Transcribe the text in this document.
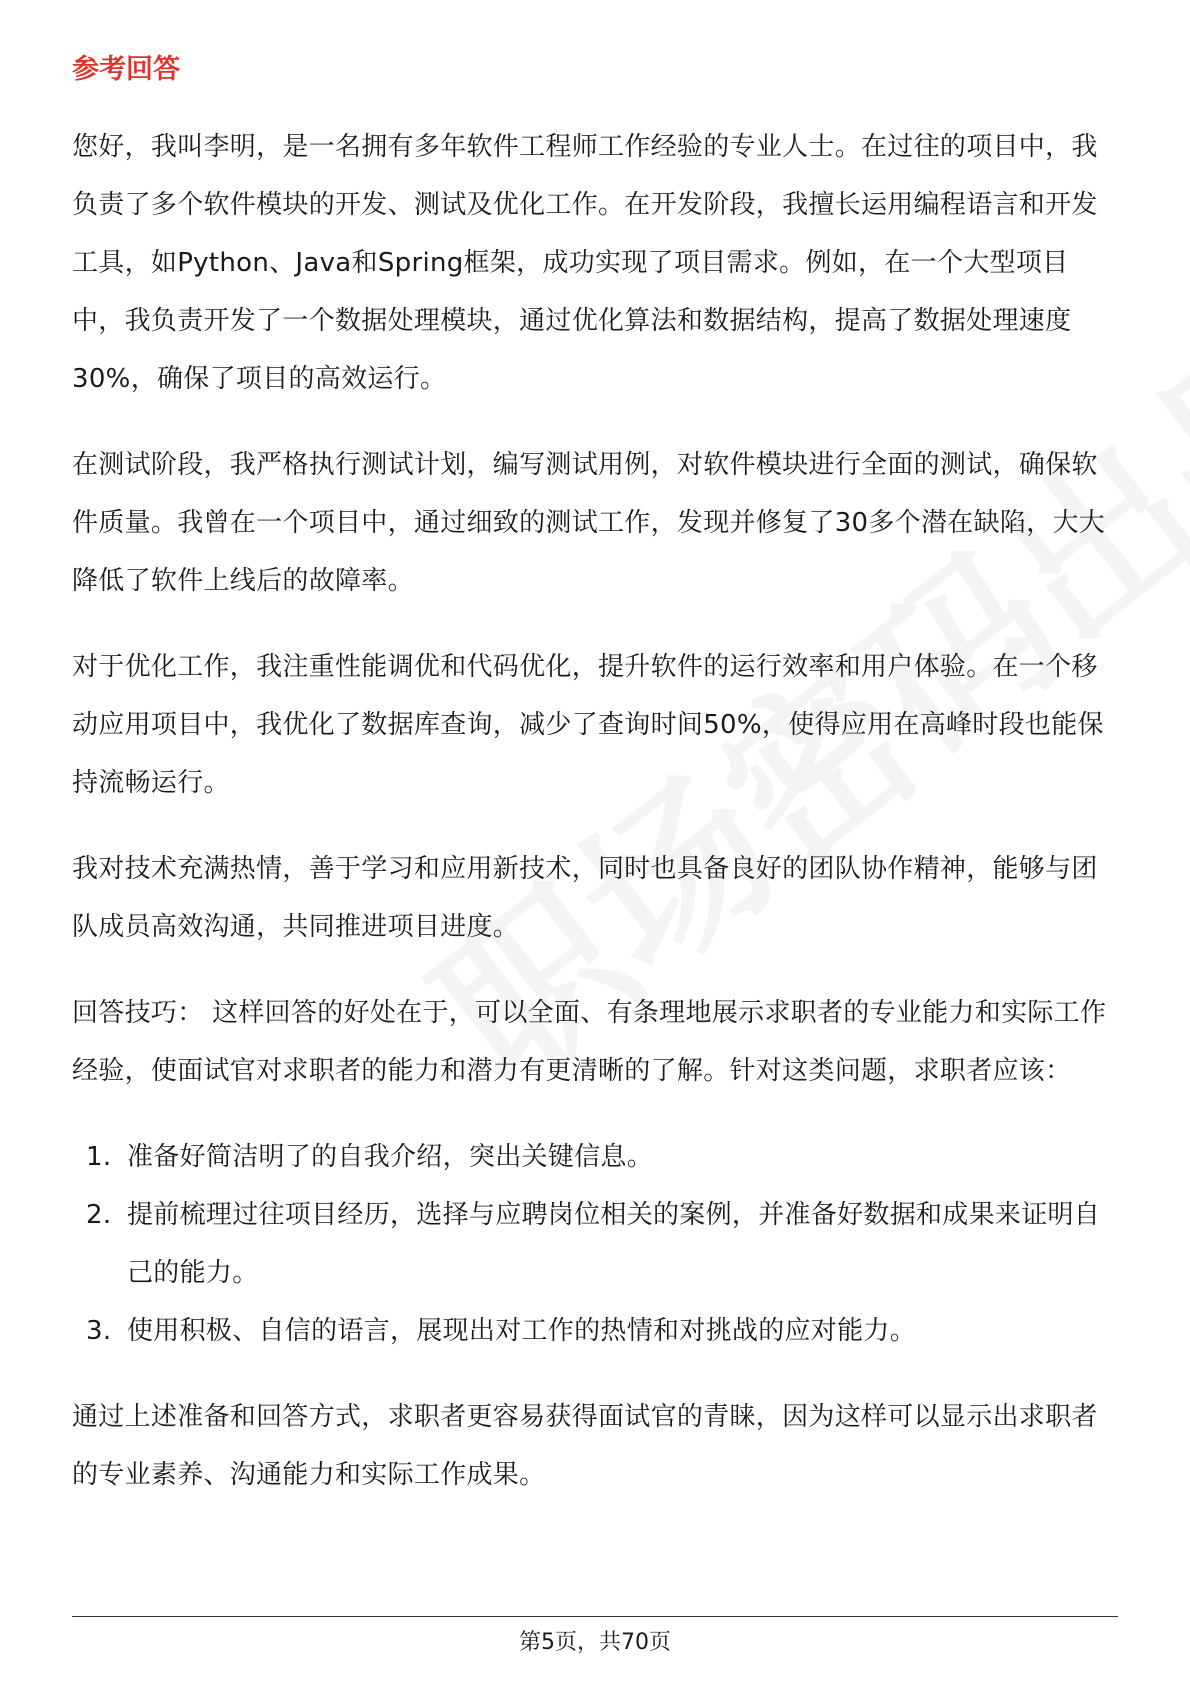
参考回答

您好，我叫李明，是一名拥有多年软件工程师工作经验的专业人士。在过往的项目中，我负责了多个软件模块的开发、测试及优化工作。在开发阶段，我擅长运用编程语言和开发工具，如Python、Java和Spring框架，成功实现了项目需求。例如，在一个大型项目中，我负责开发了一个数据处理模块，通过优化算法和数据结构，提高了数据处理速度30%，确保了项目的高效运行。

在测试阶段，我严格执行测试计划，编写测试用例，对软件模块进行全面的测试，确保软件质量。我曾在一个项目中，通过细致的测试工作，发现并修复了30多个潜在缺陷，大大降低了软件上线后的故障率。

对于优化工作，我注重性能调优和代码优化，提升软件的运行效率和用户体验。在一个移动应用项目中，我优化了数据库查询，减少了查询时间50%，使得应用在高峰时段也能保持流畅运行。

我对技术充满热情，善于学习和应用新技术，同时也具备良好的团队协作精神，能够与团队成员高效沟通，共同推进项目进度。

回答技巧： 这样回答的好处在于，可以全面、有条理地展示求职者的专业能力和实际工作经验，使面试官对求职者的能力和潜力有更清晰的了解。针对这类问题，求职者应该：

1. 准备好简洁明了的自我介绍，突出关键信息。
2. 提前梳理过往项目经历，选择与应聘岗位相关的案例，并准备好数据和成果来证明自己的能力。
3. 使用积极、自信的语言，展现出对工作的热情和对挑战的应对能力。

通过上述准备和回答方式，求职者更容易获得面试官的青睐，因为这样可以显示出求职者的专业素养、沟通能力和实际工作成果。

第5页，共70页
